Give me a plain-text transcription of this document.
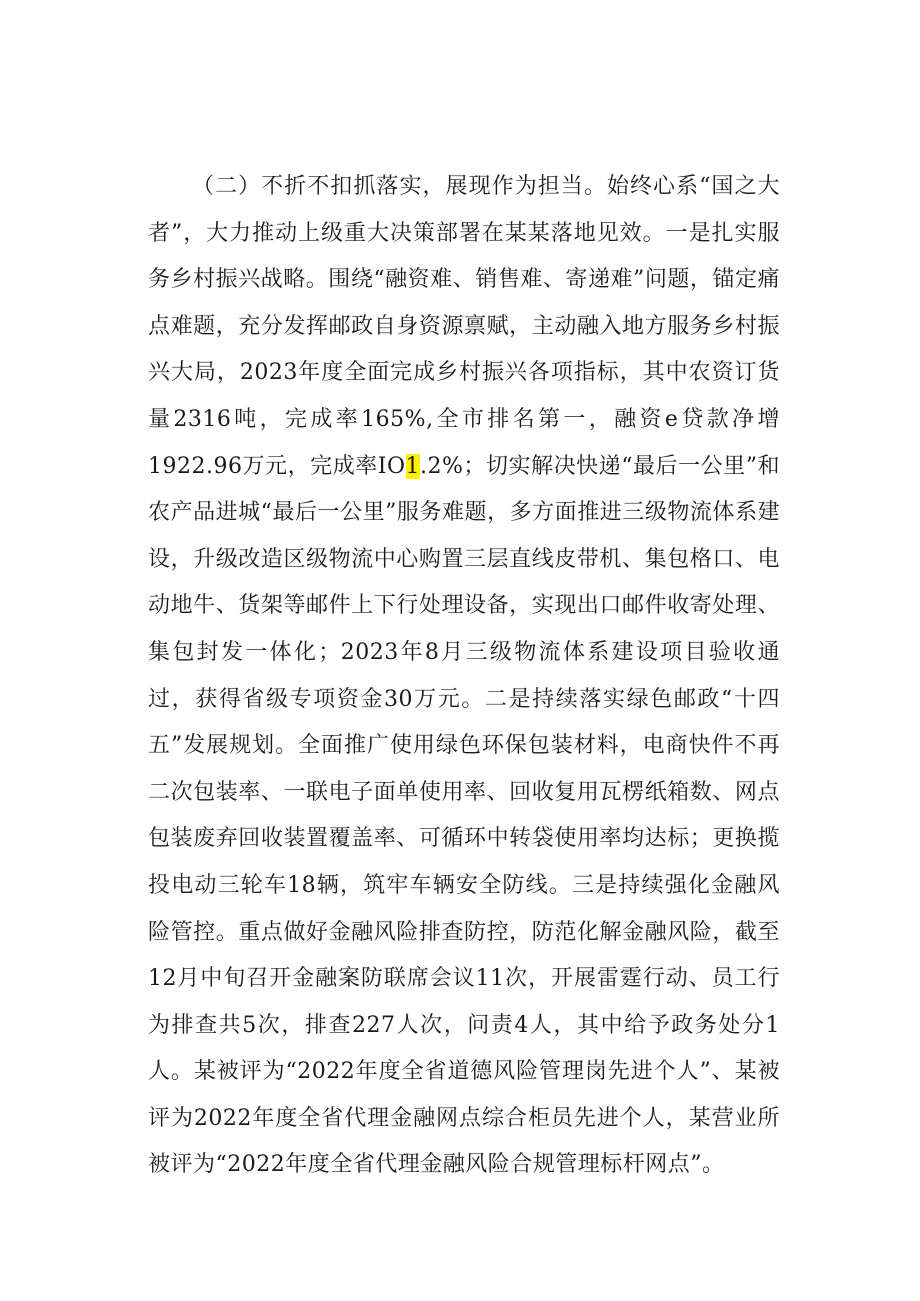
（二）不折不扣抓落实，展现作为担当。始终心系“国之大者”，大力推动上级重大决策部署在某某落地见效。一是扎实服务乡村振兴战略。围绕“融资难、销售难、寄递难”问题，锚定痛点难题，充分发挥邮政自身资源禀赋，主动融入地方服务乡村振兴大局，2023年度全面完成乡村振兴各项指标，其中农资订货量2316吨，完成率165%,全市排名第一，融资e贷款净增1922.96万元，完成率IO1.2%；切实解决快递“最后一公里”和农产品进城“最后一公里”服务难题，多方面推进三级物流体系建设，升级改造区级物流中心购置三层直线皮带机、集包格口、电动地牛、货架等邮件上下行处理设备，实现出口邮件收寄处理、集包封发一体化；2023年8月三级物流体系建设项目验收通过，获得省级专项资金30万元。二是持续落实绿色邮政“十四五”发展规划。全面推广使用绿色环保包装材料，电商快件不再二次包装率、一联电子面单使用率、回收复用瓦楞纸箱数、网点包装废弃回收装置覆盖率、可循环中转袋使用率均达标；更换揽投电动三轮车18辆，筑牢车辆安全防线。三是持续强化金融风险管控。重点做好金融风险排查防控，防范化解金融风险，截至12月中旬召开金融案防联席会议11次，开展雷霆行动、员工行为排查共5次，排查227人次，问责4人，其中给予政务处分1人。某被评为“2022年度全省道德风险管理岗先进个人”、某被评为2022年度全省代理金融网点综合柜员先进个人，某营业所被评为“2022年度全省代理金融风险合规管理标杆网点”。
